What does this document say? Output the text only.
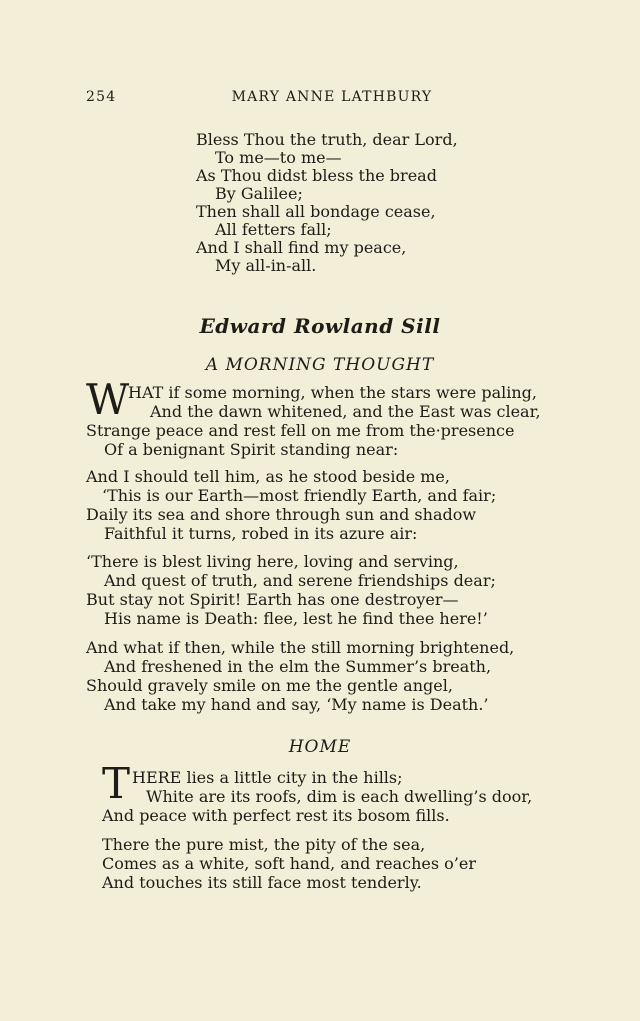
254	MARY ANNE LATHBURY
Bless Thou the truth, dear Lord,
To me—to me—
As Thou didst bless the bread
By Galilee;
Then shall all bondage cease,
All fetters fall;
And I shall find my peace,
My all-in-all.
Edward Rowland Sill
A MORNING THOUGHT
W
HAT if some morning, when the stars were paling,
And the dawn whitened, and the East was clear,
Strange peace and rest fell on me from the·presence
Of a benignant Spirit standing near:
And I should tell him, as he stood beside me,
‘This is our Earth—most friendly Earth, and fair;
Daily its sea and shore through sun and shadow
Faithful it turns, robed in its azure air:
‘There is blest living here, loving and serving,
And quest of truth, and serene friendships dear;
But stay not Spirit! Earth has one destroyer—
His name is Death: flee, lest he find thee here!’
And what if then, while the still morning brightened,
And freshened in the elm the Summer’s breath,
Should gravely smile on me the gentle angel,
And take my hand and say, ‘My name is Death.’
HOME
T HERE lies a little city in the hills;
White are its roofs, dim is each dwelling’s door,
And peace with perfect rest its bosom fills.
There the pure mist, the pity of the sea,
Comes as a white, soft hand, and reaches o’er
And touches its still face most tenderly.
